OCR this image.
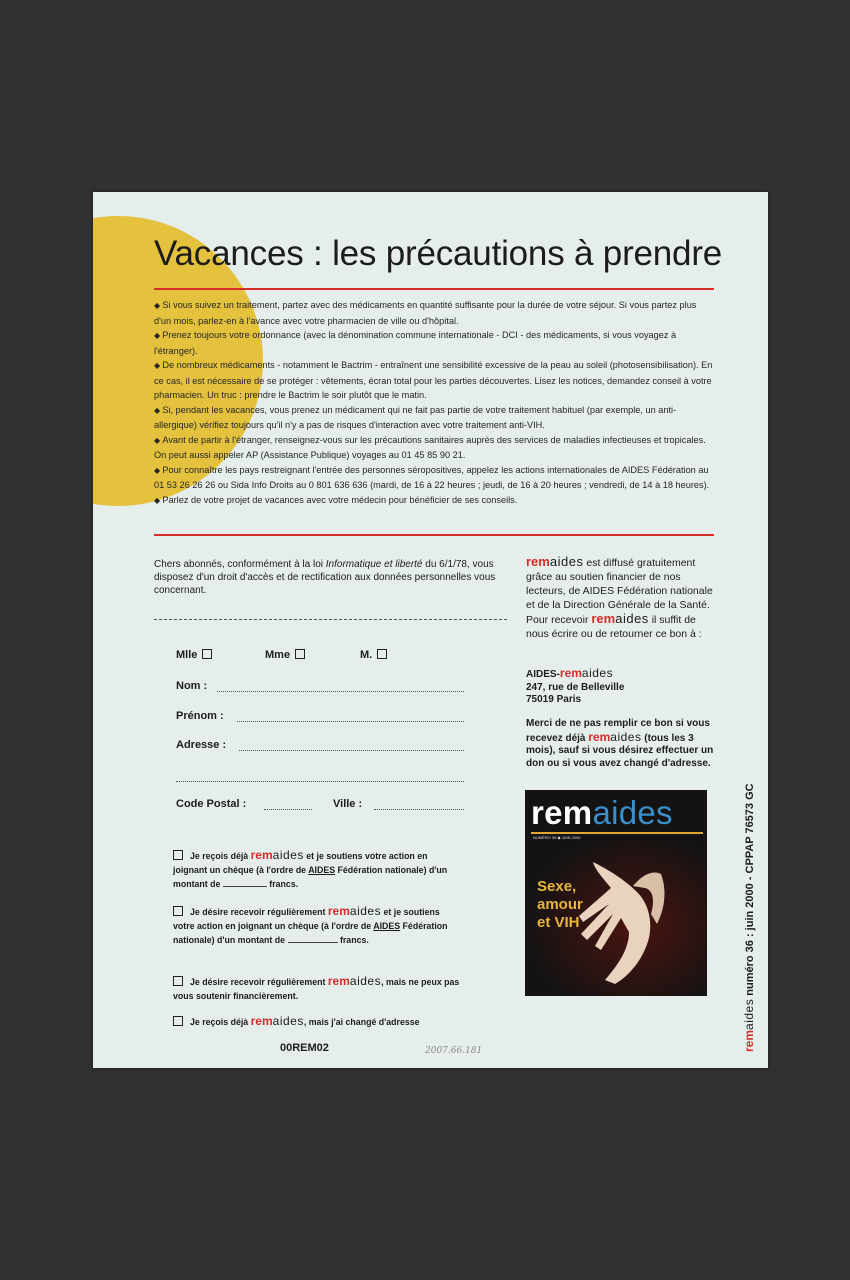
Vacances : les précautions à prendre

◆ Si vous suivez un traitement, partez avec des médicaments en quantité suffisante pour la durée de votre séjour. Si vous partez plus d'un mois, parlez-en à l'avance avec votre pharmacien de ville ou d'hôpital.

◆ Prenez toujours votre ordonnance (avec la dénomination commune internationale - DCI - des médicaments, si vous voyagez à l'étranger).

◆ De nombreux médicaments - notamment le Bactrim - entraînent une sensibilité excessive de la peau au soleil (photosensibilisation). En ce cas, il est nécessaire de se protéger : vêtements, écran total pour les parties découvertes. Lisez les notices, demandez conseil à votre pharmacien. Un truc : prendre le Bactrim le soir plutôt que le matin.

◆ Si, pendant les vacances, vous prenez un médicament qui ne fait pas partie de votre traitement habituel (par exemple, un anti-allergique) vérifiez toujours qu'il n'y a pas de risques d'interaction avec votre traitement anti-VIH.

◆ Avant de partir à l'étranger, renseignez-vous sur les précautions sanitaires auprès des services de maladies infectieuses et tropicales. On peut aussi appeler AP (Assistance Publique) voyages au 01 45 85 90 21.

◆ Pour connaître les pays restreignant l'entrée des personnes séropositives, appelez les actions internationales de AIDES Fédération au 01 53 26 26 26 ou Sida Info Droits au 0 801 636 636 (mardi, de 16 à 22 heures ; jeudi, de 16 à 20 heures ; vendredi, de 14 à 18 heures).

◆ Parlez de votre projet de vacances avec votre médecin pour bénéficier de ses conseils.

Chers abonnés, conformément à la loi Informatique et liberté du 6/1/78, vous disposez d'un droit d'accès et de rectification aux données personnelles vous concernant.
Mlle	Mme	M.
Nom :
Prénom :
Adresse :
Code Postal :	Ville :
Je reçois déjà remaides et je soutiens votre action en joignant un chèque (à l'ordre de AIDES Fédération nationale) d'un montant de	francs.
Je désire recevoir régulièrement remaides et je soutiens votre action en joignant un chèque (à l'ordre de AIDES Fédération nationale) d'un montant de	francs.
Je désire recevoir régulièrement remaides, mais ne peux pas vous soutenir financièrement.
Je reçois déjà remaides, mais j'ai changé d'adresse
00REM02
remaides est diffusé gratuitement grâce au soutien financier de nos lecteurs, de AIDES Fédération nationale et de la Direction Générale de la Santé. Pour recevoir remaides il suffit de nous écrire ou de retourner ce bon à :
AIDES-remaides
247, rue de Belleville
75019 Paris
Merci de ne pas remplir ce bon si vous recevez déjà remaides (tous les 3 mois), sauf si vous désirez effectuer un don ou si vous avez changé d'adresse.
remaides
NUMÉRO 36 ◆ JUIN 2000
Sexe,
amour
et VIH
remaides numéro 36 : juin 2000 - CPPAP 76573 GC
2007.66.181
